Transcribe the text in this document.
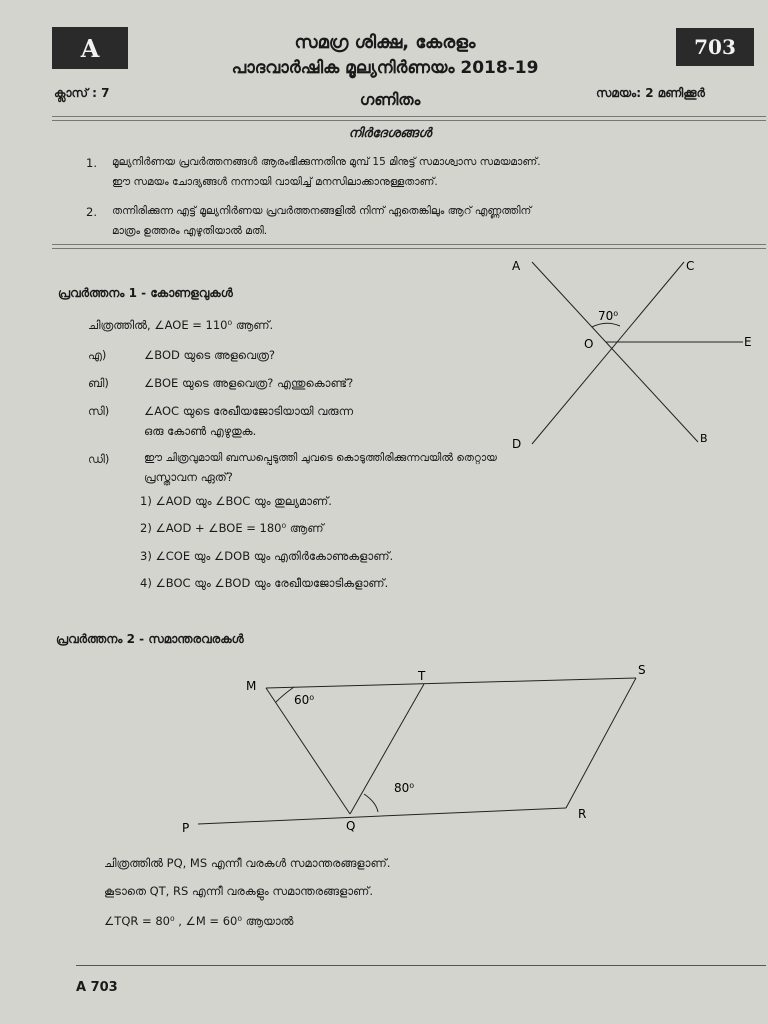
A	703
സമഗ്ര ശിക്ഷ, കേരളം
പാദവാർഷിക മൂല്യനിർണയം 2018-19
ക്ലാസ് : 7	ഗണിതം	സമയം: 2 മണിക്കൂർ
നിർദേശങ്ങൾ
1. മൂല്യനിർണയ പ്രവർത്തനങ്ങൾ ആരംഭിക്കുന്നതിനു മുമ്പ് 15 മിനുട്ട് സമാശ്വാസ സമയമാണ്.
ഈ സമയം ചോദ്യങ്ങൾ നന്നായി വായിച്ച് മനസിലാക്കാനുള്ളതാണ്.
2. തന്നിരിക്കുന്ന എട്ട് മൂല്യനിർണയ പ്രവർത്തനങ്ങളിൽ നിന്ന് ഏതെങ്കിലും ആറ് എണ്ണത്തിന്
മാത്രം ഉത്തരം എഴുതിയാൽ മതി.
പ്രവർത്തനം 1 - കോണളവുകൾ
ചിത്രത്തിൽ, ∠AOE = 110⁰ ആണ്.
എ)	∠BOD യുടെ അളവെത്ര?
ബി)	∠BOE യുടെ അളവെത്ര? എന്തുകൊണ്ട്?
സി)	∠AOC യുടെ രേഖീയജോടിയായി വരുന്ന
ഒരു കോൺ എഴുതുക.
ഡി)	ഈ ചിത്രവുമായി ബന്ധപ്പെടുത്തി ചുവടെ കൊടുത്തിരിക്കുന്നവയിൽ തെറ്റായ
പ്രസ്താവന ഏത്?
1) ∠AOD യും ∠BOC യും തുല്യമാണ്.
2) ∠AOD + ∠BOE = 180⁰ ആണ്
3) ∠COE യും ∠DOB യും എതിർകോണുകളാണ്.
4) ∠BOC യും ∠BOD യും രേഖീയജോടികളാണ്.
A	C
O	E
D	B
70⁰
പ്രവർത്തനം 2 - സമാന്തരവരകൾ
M
T	S
P	Q
R
60⁰
80⁰
ചിത്രത്തിൽ PQ, MS എന്നീ വരകൾ സമാന്തരങ്ങളാണ്.
കൂടാതെ QT, RS എന്നീ വരകളും സമാന്തരങ്ങളാണ്.
∠TQR = 80⁰ , ∠M = 60⁰ ആയാൽ
A 703
